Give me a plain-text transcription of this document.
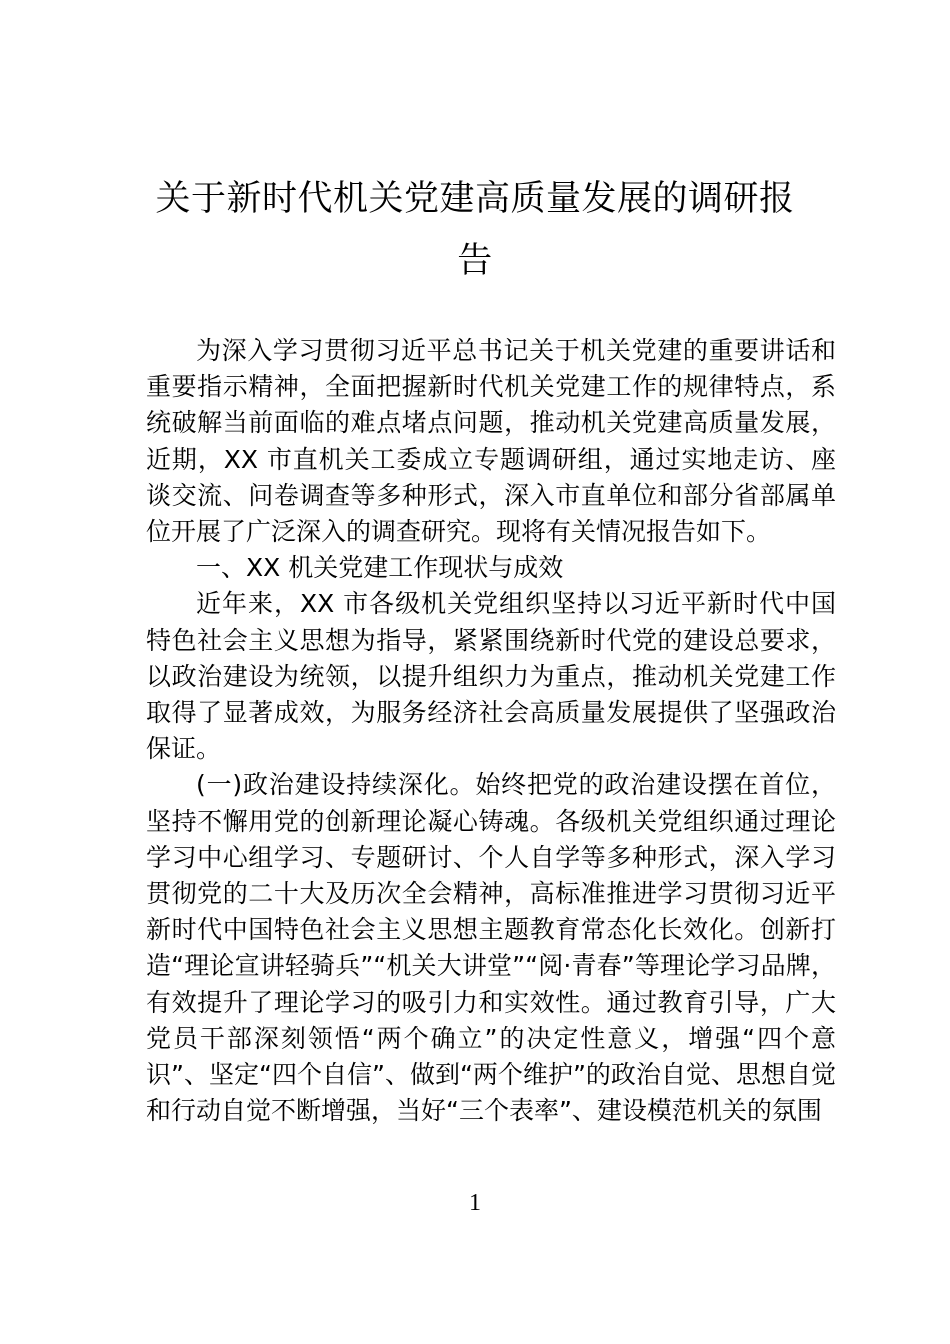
关于新时代机关党建高质量发展的调研报告

为深入学习贯彻习近平总书记关于机关党建的重要讲话和重要指示精神，全面把握新时代机关党建工作的规律特点，系统破解当前面临的难点堵点问题，推动机关党建高质量发展，近期，XX 市直机关工委成立专题调研组，通过实地走访、座谈交流、问卷调查等多种形式，深入市直单位和部分省部属单位开展了广泛深入的调查研究。现将有关情况报告如下。

一、XX 机关党建工作现状与成效

近年来，XX 市各级机关党组织坚持以习近平新时代中国特色社会主义思想为指导，紧紧围绕新时代党的建设总要求，以政治建设为统领，以提升组织力为重点，推动机关党建工作取得了显著成效，为服务经济社会高质量发展提供了坚强政治保证。

(一)政治建设持续深化。始终把党的政治建设摆在首位，坚持不懈用党的创新理论凝心铸魂。各级机关党组织通过理论学习中心组学习、专题研讨、个人自学等多种形式，深入学习贯彻党的二十大及历次全会精神，高标准推进学习贯彻习近平新时代中国特色社会主义思想主题教育常态化长效化。创新打造“理论宣讲轻骑兵”“机关大讲堂”“阅·青春”等理论学习品牌，有效提升了理论学习的吸引力和实效性。通过教育引导，广大党员干部深刻领悟“两个确立”的决定性意义，增强“四个意识”、坚定“四个自信”、做到“两个维护”的政治自觉、思想自觉和行动自觉不断增强，当好“三个表率”、建设模范机关的氛围

1
